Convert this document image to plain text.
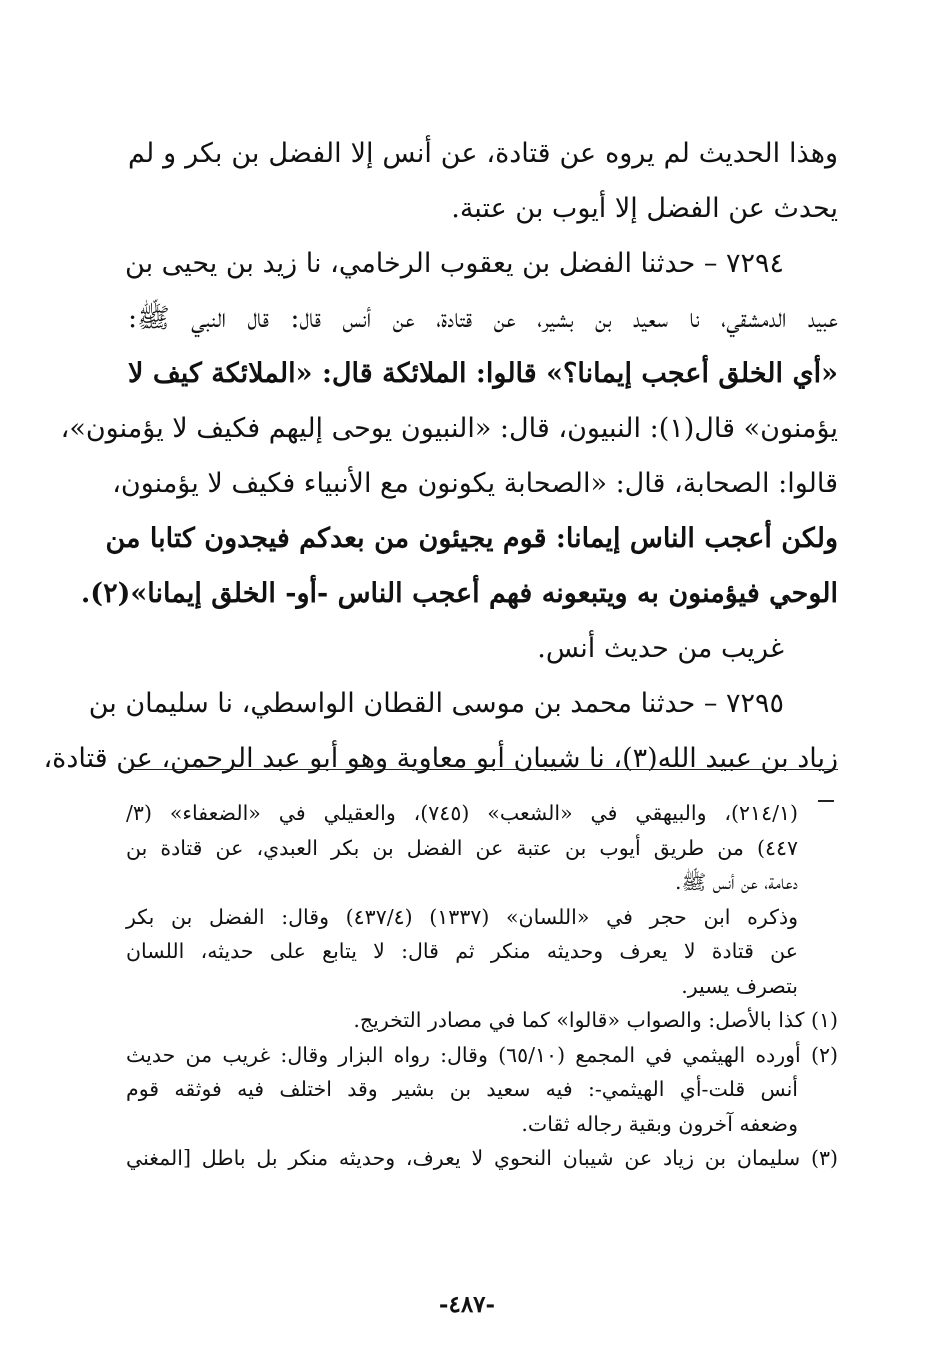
وهذا الحديث لم يروه عن قتادة، عن أنس إلا الفضل بن بكر و لم
يحدث عن الفضل إلا أيوب بن عتبة.
٧٢٩٤ – حدثنا الفضل بن يعقوب الرخامي، نا زيد بن يحيى بن
عبيد الدمشقي، نا سعيد بن بشير، عن قتادة، عن أنس قال: قال النبي ﷺ:
«أي الخلق أعجب إيمانا؟» قالوا: الملائكة قال: «الملائكة كيف لا
يؤمنون» قال(١): النبيون، قال: «النبيون يوحى إليهم فكيف لا يؤمنون»،
قالوا: الصحابة، قال: «الصحابة يكونون مع الأنبياء فكيف لا يؤمنون،
ولكن أعجب الناس إيمانا: قوم يجيئون من بعدكم فيجدون كتابا من
الوحي فيؤمنون به ويتبعونه فهم أعجب الناس -أو- الخلق إيمانا»(٢).
غريب من حديث أنس.
٧٢٩٥ – حدثنا محمد بن موسى القطان الواسطي، نا سليمان بن
زياد بن عبيد الله(٣)، نا شيبان أبو معاوية وهو أبو عبد الرحمن، عن قتادة،
(٢١٤/١)، والبيهقي في «الشعب» (٧٤٥)، والعقيلي في «الضعفاء» (٣/
٤٤٧) من طريق أيوب بن عتبة عن الفضل بن بكر العبدي، عن قتادة بن
دعامة، عن أنس ﷺ.
وذكره ابن حجر في «اللسان» (١٣٣٧) (٤٣٧/٤) وقال: الفضل بن بكر
عن قتادة لا يعرف وحديثه منكر ثم قال: لا يتابع على حديثه، اللسان
بتصرف يسير.
(١) كذا بالأصل: والصواب «قالوا» كما في مصادر التخريج.
(٢) أورده الهيثمي في المجمع (٦٥/١٠) وقال: رواه البزار وقال: غريب من حديث
أنس قلت-أي الهيثمي-: فيه سعيد بن بشير وقد اختلف فيه فوثقه قوم
وضعفه آخرون وبقية رجاله ثقات.
(٣) سليمان بن زياد عن شيبان النحوي لا يعرف، وحديثه منكر بل باطل [المغني
-٤٨٧-
